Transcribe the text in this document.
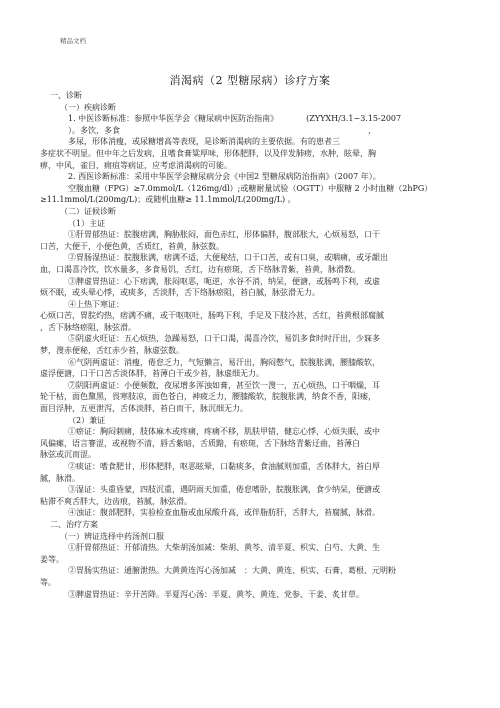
精品文档
消渴病（2 型糖尿病）诊疗方案

一、诊断

（一）疾病诊断

1. 中医诊断标准：参照中华医学会《糖尿病中医防治指南》　　　　(ZYYXH/3.1~3.15-2007

）。多饮，多食　　　　　　　　　　　　　　　　　　　　　　　　　　　　　　　，

多尿，形体消瘦，或尿糖增高等表现，是诊断消渴病的主要依据。有的患者三

多症状不明显。但中年之后发病，且嗜食膏粱厚味，形体肥胖，以及伴发肺痨，水肿，眩晕，胸

痹，中风，雀目，痈疽等病证，应考虑消渴病的可能。

2. 西医诊断标准：采用中华医学会糖尿病分会《中国2 型糖尿病防治指南》（2007 年）。

空腹血糖（FPG）≥7.0mmol/L（126mg/dl）;或糖耐量试验（OGTT）中服糖 2 小时血糖（2hPG）

≥11.1mmol/L(200mg/L)；或随机血糖≥ 11.1mmol/L(200mg/L) 。

（二）证候诊断

（1）主证

①肝胃郁热证：脘腹痞满，胸胁胀闷，面色赤红，形体偏胖，腹部胀大，心烦易怒，口干

口苦，大便干，小便色黄，舌质红，苔黄，脉弦数。

②胃肠湿热证：脘腹胀满，痞满不适，大便秘结，口干口苦，或有口臭，或咽痛，或牙龈出

血，口渴喜冷饮，饮水量多，多食易饥，舌红，边有瘀斑，舌下络脉青紫，苔黄，脉滑数。

③脾虚胃热证：心下痞满，胀闷呕恶，呃逆，水谷不消，纳呆，便溏，或肠鸣下利，或虚

烦不眠，或头晕心悸，或痰多，舌淡胖，舌下络脉瘀阻，苔白腻，脉弦滑无力。

④上热下寒证：

心烦口苦，胃脘灼热，痞满不痛，或干呕呕吐，肠鸣下利，手足及下肢冷甚，舌红，苔黄根部腐腻

，舌下脉络瘀阻，脉弦滑。

⑤阴虚火旺证：五心烦热，急躁易怒，口干口渴，渴喜冷饮，易饥多食时时汗出，少寐多

梦，溲赤便秘，舌红赤少苔，脉虚弦数。

⑥气阴两虚证：消瘦，倦怠乏力，气短懒言，易汗出，胸闷憋气，脘腹胀满，腰膝酸软，

虚浮便溏，口干口苦舌淡体胖，苔薄白干或少苔，脉虚细无力。

⑦阴阳两虚证：小便频数，夜尿增多浑浊如膏，甚至饮一溲一，五心烦热，口干咽燥，耳

轮干枯，面色黧黑，畏寒肢凉，面色苍白，神疲乏力，腰膝酸软，脘腹胀满，纳食不香，阳痿，

面目浮肿，五更泄泻，舌体淡胖，苔白而干，脉沉细无力。

（2）兼证

①瘀证：胸闷刺痛，肢体麻木或疼痛，疼痛不移，肌肤甲错，健忘心悸，心烦失眠，或中

风偏瘫，语言謇涩，或视物不清，唇舌紫暗，舌质黯，有瘀斑，舌下脉络青紫迂曲，苔薄白

脉弦或沉而涩。

②痰证：嗜食肥甘，形体肥胖，呕恶眩晕，口黏痰多，食油腻则加重，舌体胖大，苔白厚

腻，脉滑。

③湿证：头重昏蒙，四肢沉重，遇阴雨天加重，倦怠嗜卧，脘腹胀满，食少纳呆，便溏或

粘滞不爽舌胖大，边齿痕，苔腻，脉弦滑。

④浊证：腹部肥胖，实验检查血脂或血尿酸升高，或伴脂肪肝，舌胖大，苔腐腻，脉滑。

二、治疗方案

（一）辨证选择中药汤剂口服

①肝胃郁热证：开郁清热。大柴胡汤加减：柴胡、黄芩、清半夏、枳实、白芍、大黄、生

姜等。

②胃肠实热证：通腑泄热。大黄黄连泻心汤加减　：大黄、黄连、枳实、石膏、葛根、元明粉

等。

③脾虚胃热证：辛开苦降。半夏泻心汤：半夏、黄芩、黄连、党参、干姜、炙甘草。
